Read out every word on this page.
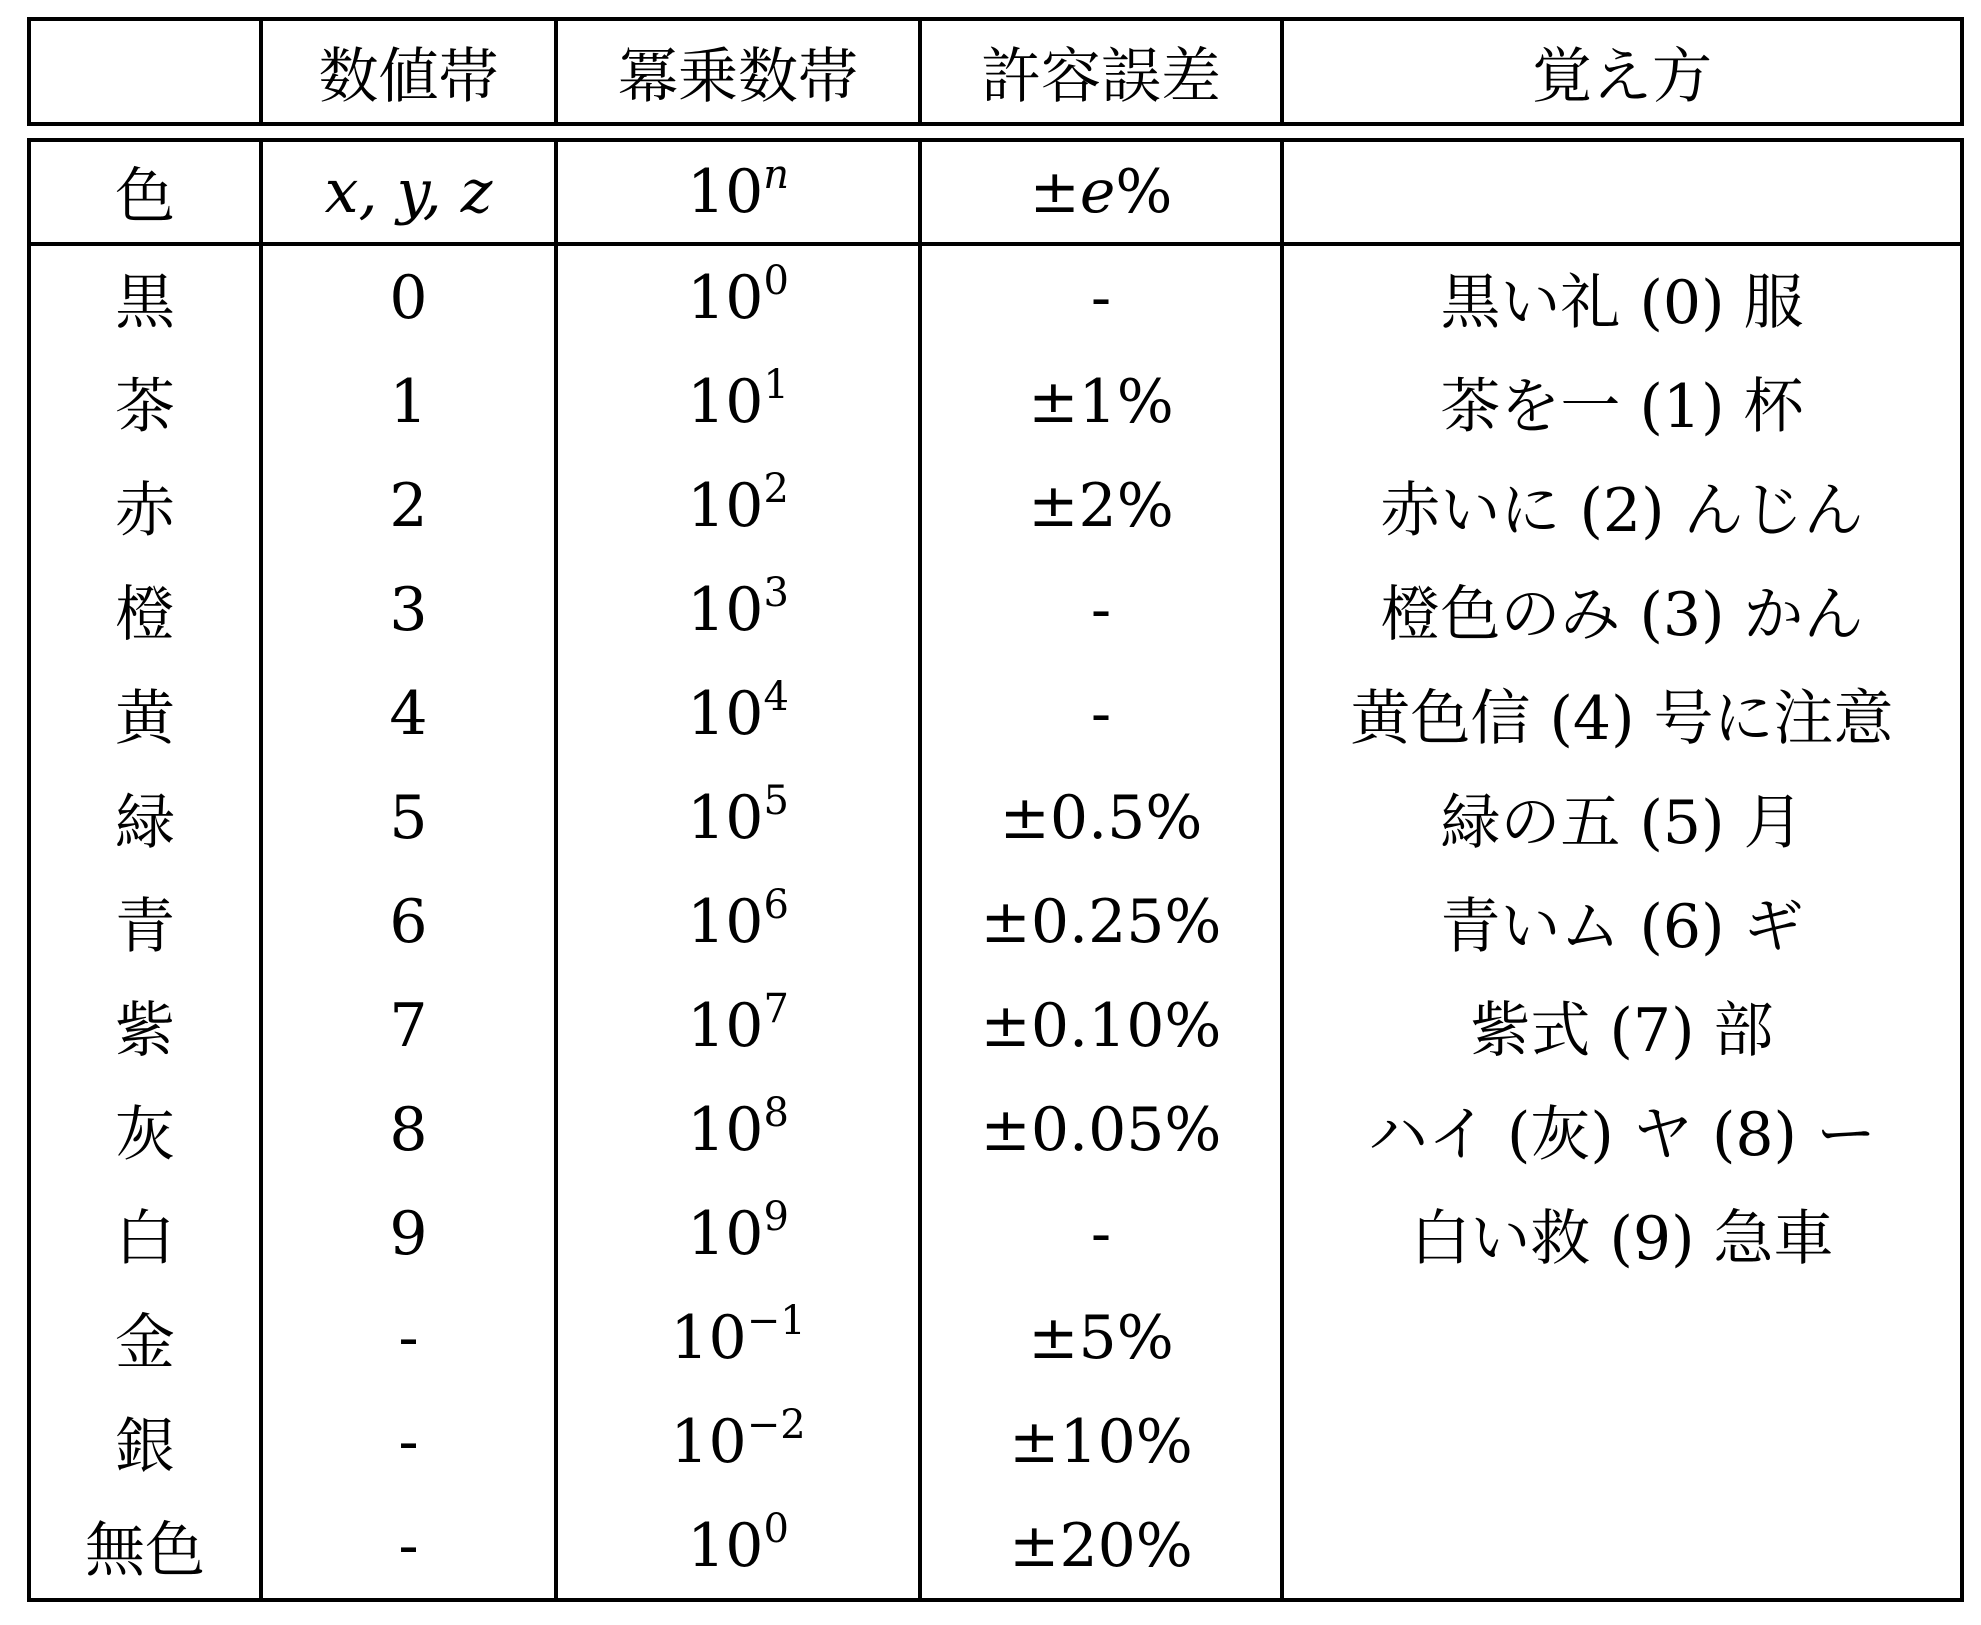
	数値帯	冪乗数帯	許容誤差	覚え方
色	x, y, z	$10^n$	±e%	
黒	0	$10^0$	-	黒い礼 (0) 服
茶	1	$10^1$	±1%	茶を一 (1) 杯
赤	2	$10^2$	±2%	赤いに (2) んじん
橙	3	$10^3$	-	橙色のみ (3) かん
黄	4	$10^4$	-	黄色信 (4) 号に注意
緑	5	$10^5$	±0.5%	緑の五 (5) 月
青	6	$10^6$	±0.25%	青いム (6) ギ
紫	7	$10^7$	±0.10%	紫式 (7) 部
灰	8	$10^8$	±0.05%	ハイ (灰) ヤ (8) ー
白	9	$10^9$	-	白い救 (9) 急車
金	-	$10^{-1}$	±5%	
銀	-	$10^{-2}$	±10%	
無色	-	$10^0$	±20%	
